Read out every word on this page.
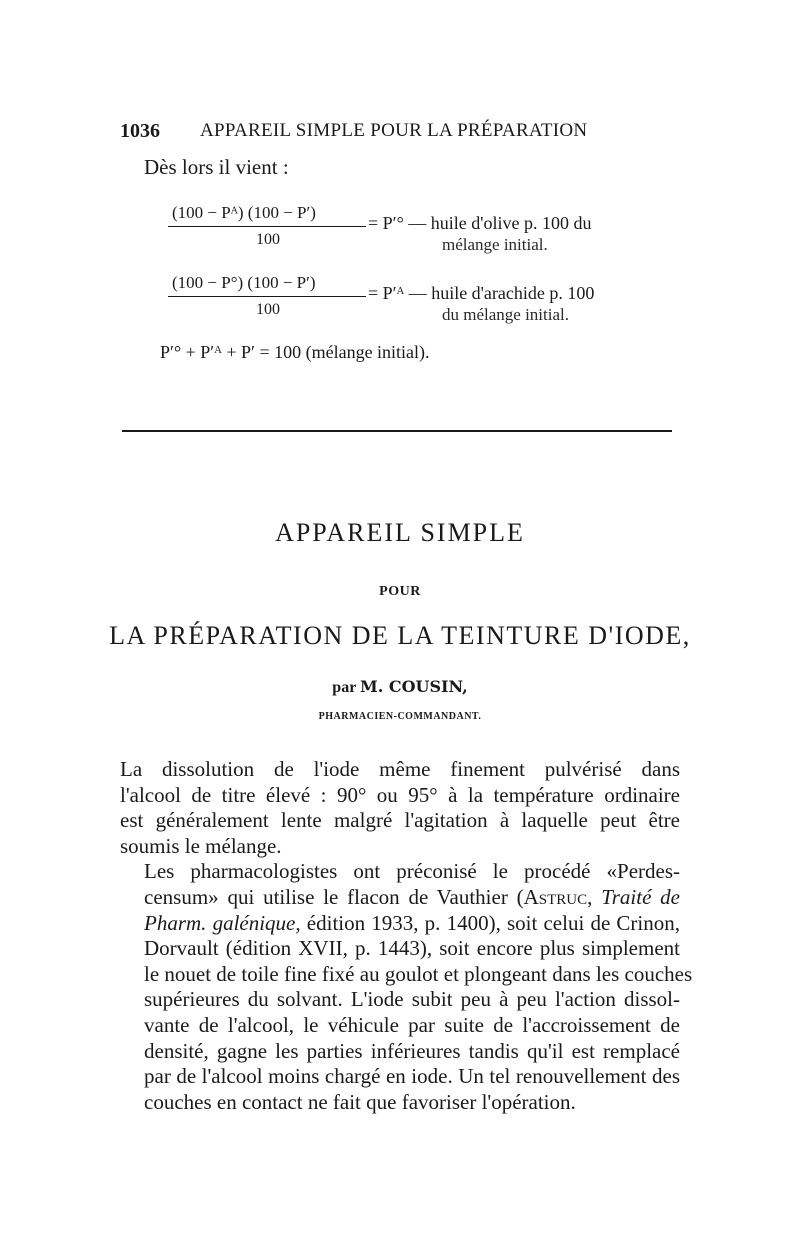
1036 APPAREIL SIMPLE POUR LA PRÉPARATION
Dès lors il vient :
(100 − Pᴬ) (100 − P′)
100
= P′° — huile d'olive p. 100 du
mélange initial.
(100 − P°) (100 − P′)
100
= P′ᴬ — huile d'arachide p. 100
du mélange initial.
P′° + P′ᴬ + P′ = 100 (mélange initial).
APPAREIL SIMPLE
POUR
LA PRÉPARATION DE LA TEINTURE D'IODE,
par M. COUSIN,
PHARMACIEN-COMMANDANT.

La dissolution de l'iode même finement pulvérisé dans
l'alcool de titre élevé : 90° ou 95° à la température ordinaire
est généralement lente malgré l'agitation à laquelle peut être
soumis le mélange.

Les pharmacologistes ont préconisé le procédé «Perdes-
censum» qui utilise le flacon de Vauthier (Astruc, Traité de
Pharm. galénique, édition 1933, p. 1400), soit celui de Crinon,
Dorvault (édition XVII, p. 1443), soit encore plus simplement
le nouet de toile fine fixé au goulot et plongeant dans les couches
supérieures du solvant. L'iode subit peu à peu l'action dissol-
vante de l'alcool, le véhicule par suite de l'accroissement de
densité, gagne les parties inférieures tandis qu'il est remplacé
par de l'alcool moins chargé en iode. Un tel renouvellement des
couches en contact ne fait que favoriser l'opération.
